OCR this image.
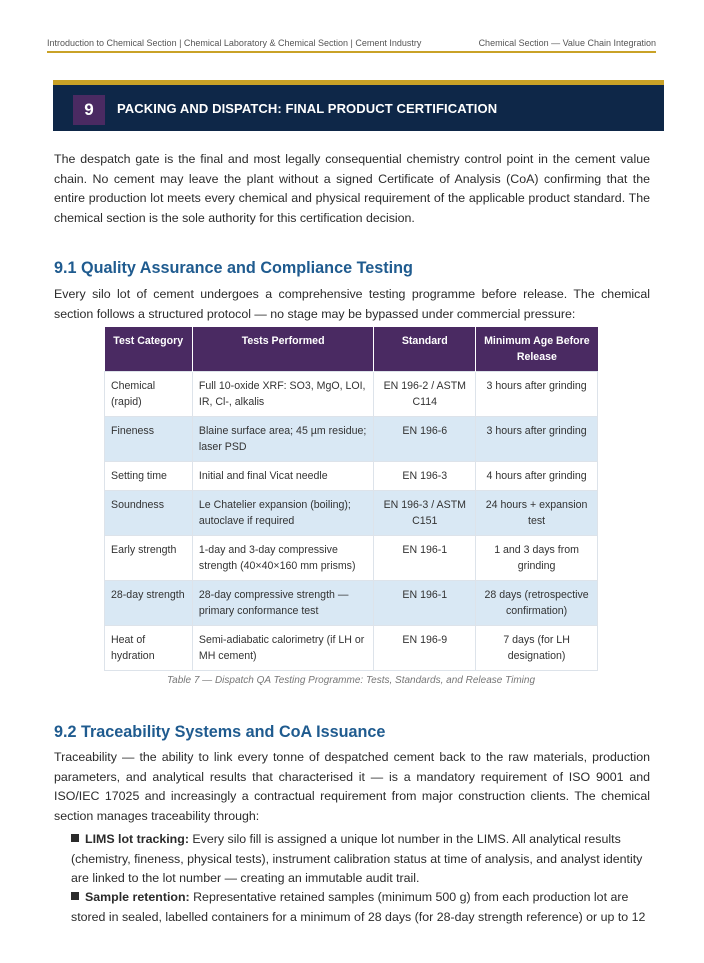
Introduction to Chemical Section | Chemical Laboratory & Chemical Section | Cement Industry	Chemical Section — Value Chain Integration
9	PACKING AND DISPATCH: FINAL PRODUCT CERTIFICATION
The despatch gate is the final and most legally consequential chemistry control point in the cement value chain. No cement may leave the plant without a signed Certificate of Analysis (CoA) confirming that the entire production lot meets every chemical and physical requirement of the applicable product standard. The chemical section is the sole authority for this certification decision.
9.1 Quality Assurance and Compliance Testing
Every silo lot of cement undergoes a comprehensive testing programme before release. The chemical section follows a structured protocol — no stage may be bypassed under commercial pressure:
Test Category	Tests Performed	Standard	Minimum Age Before Release
Chemical (rapid)	Full 10-oxide XRF: SO3, MgO, LOI, IR, Cl-, alkalis	EN 196-2 / ASTM C114	3 hours after grinding
Fineness	Blaine surface area; 45 µm residue; laser PSD	EN 196-6	3 hours after grinding
Setting time	Initial and final Vicat needle	EN 196-3	4 hours after grinding
Soundness	Le Chatelier expansion (boiling); autoclave if required	EN 196-3 / ASTM C151	24 hours + expansion test
Early strength	1-day and 3-day compressive strength (40×40×160 mm prisms)	EN 196-1	1 and 3 days from grinding
28-day strength	28-day compressive strength — primary conformance test	EN 196-1	28 days (retrospective confirmation)
Heat of hydration	Semi-adiabatic calorimetry (if LH or MH cement)	EN 196-9	7 days (for LH designation)
Table 7 — Dispatch QA Testing Programme: Tests, Standards, and Release Timing
9.2 Traceability Systems and CoA Issuance
Traceability — the ability to link every tonne of despatched cement back to the raw materials, production parameters, and analytical results that characterised it — is a mandatory requirement of ISO 9001 and ISO/IEC 17025 and increasingly a contractual requirement from major construction clients. The chemical section manages traceability through:
LIMS lot tracking: Every silo fill is assigned a unique lot number in the LIMS. All analytical results (chemistry, fineness, physical tests), instrument calibration status at time of analysis, and analyst identity are linked to the lot number — creating an immutable audit trail.
Sample retention: Representative retained samples (minimum 500 g) from each production lot are stored in sealed, labelled containers for a minimum of 28 days (for 28-day strength reference) or up to 12
